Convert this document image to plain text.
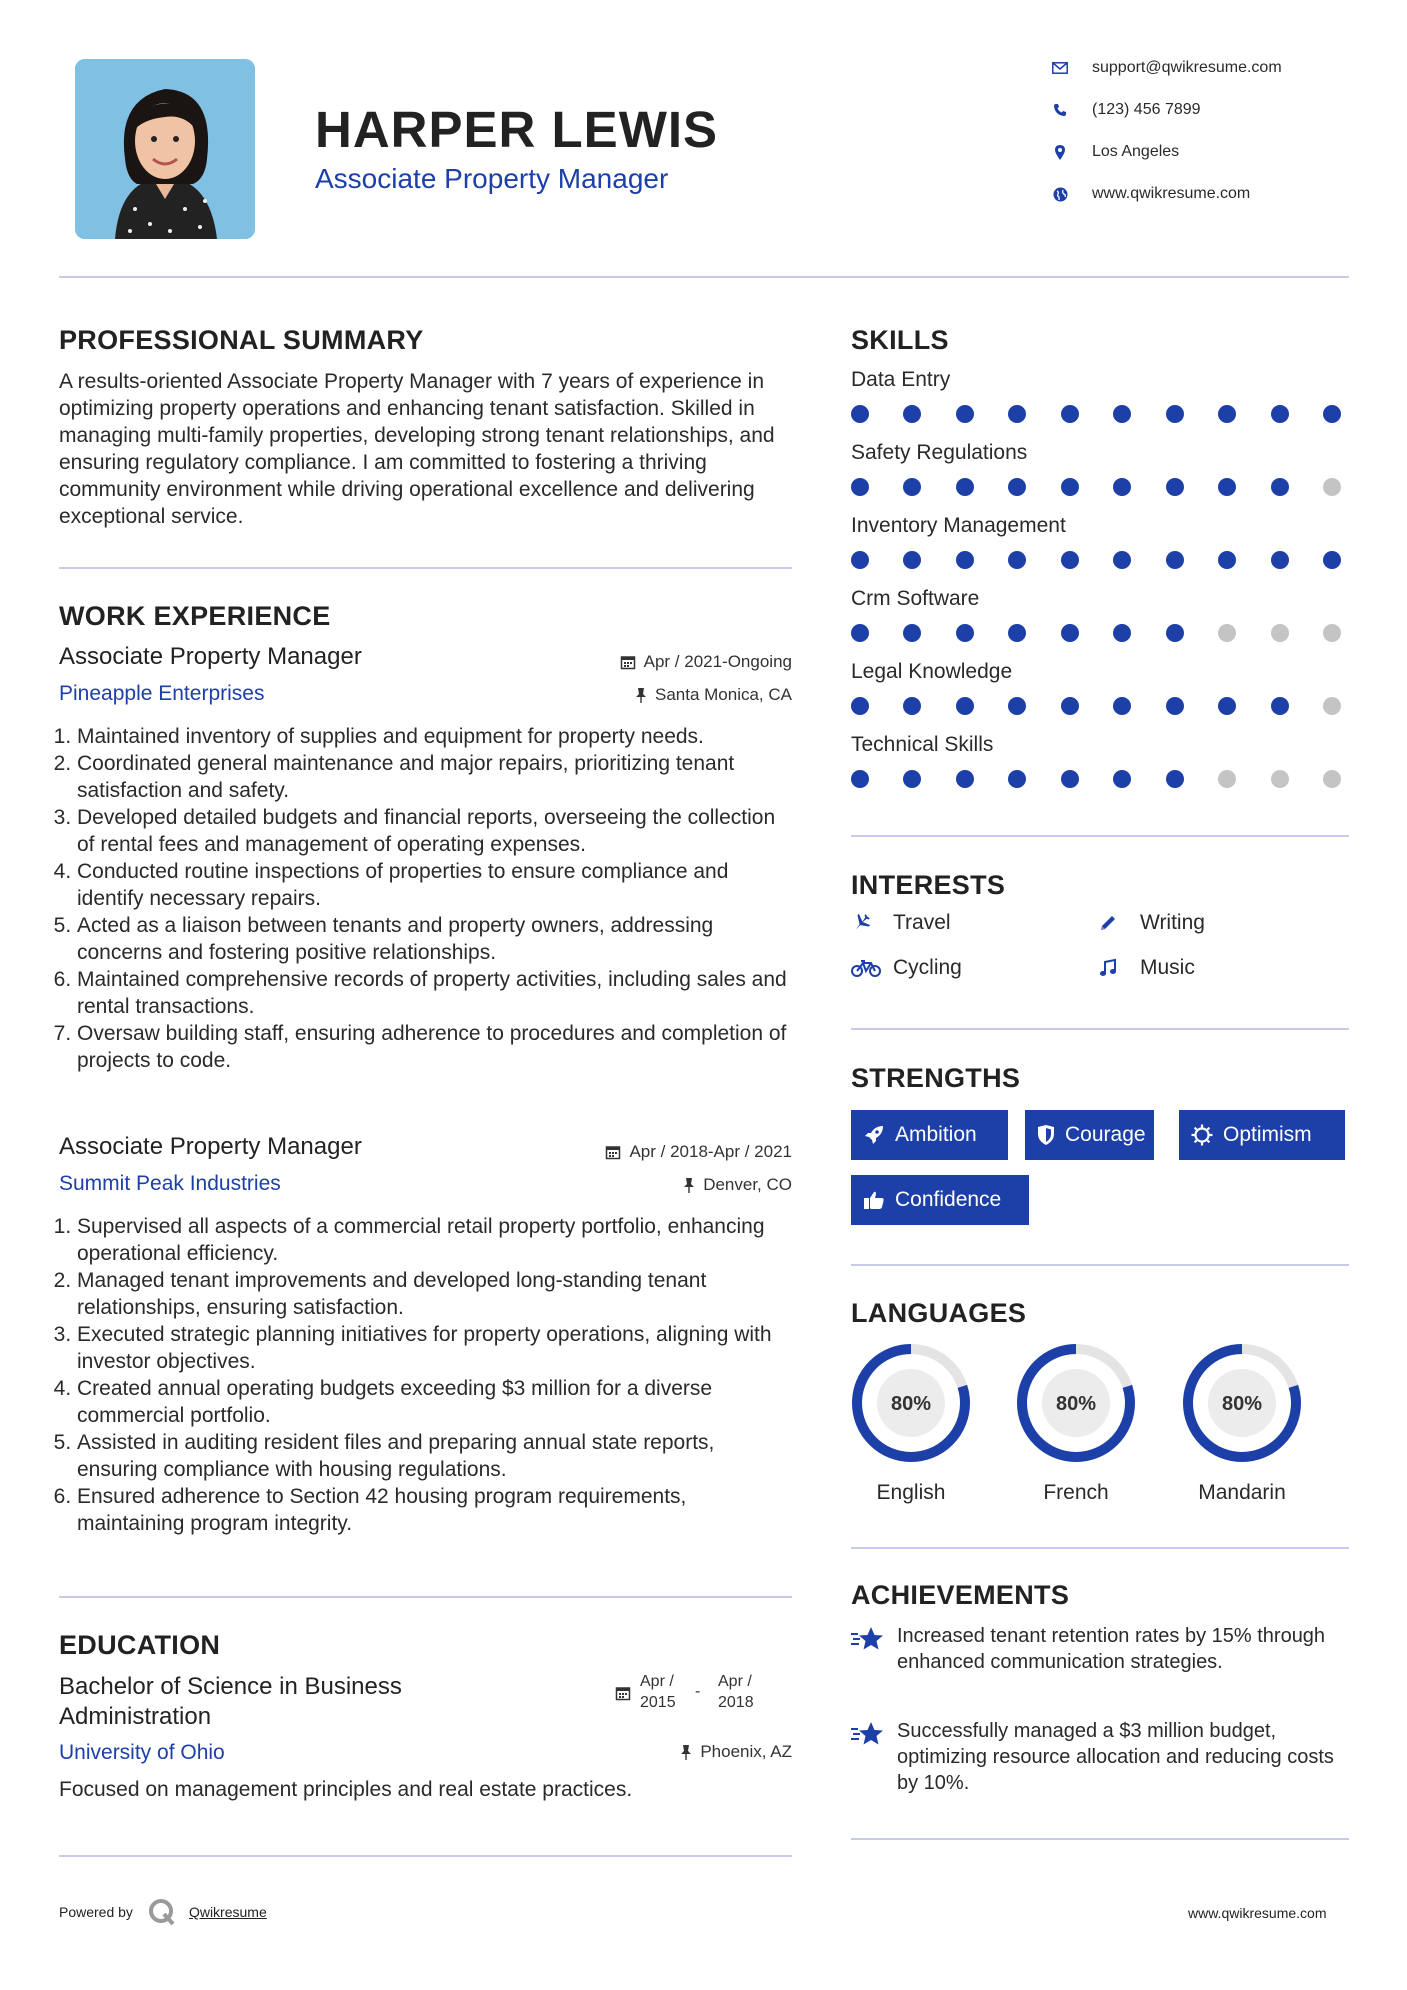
HARPER LEWIS
Associate Property Manager
support@qwikresume.com
(123) 456 7899
Los Angeles
www.qwikresume.com
PROFESSIONAL SUMMARY
A results-oriented Associate Property Manager with 7 years of experience in optimizing property operations and enhancing tenant satisfaction. Skilled in managing multi-family properties, developing strong tenant relationships, and ensuring regulatory compliance. I am committed to fostering a thriving community environment while driving operational excellence and delivering exceptional service.
WORK EXPERIENCE
Associate Property Manager
Pineapple Enterprises
Apr / 2021-Ongoing
Santa Monica, CA
1. Maintained inventory of supplies and equipment for property needs.
2. Coordinated general maintenance and major repairs, prioritizing tenant satisfaction and safety.
3. Developed detailed budgets and financial reports, overseeing the collection of rental fees and management of operating expenses.
4. Conducted routine inspections of properties to ensure compliance and identify necessary repairs.
5. Acted as a liaison between tenants and property owners, addressing concerns and fostering positive relationships.
6. Maintained comprehensive records of property activities, including sales and rental transactions.
7. Oversaw building staff, ensuring adherence to procedures and completion of projects to code.
Associate Property Manager
Summit Peak Industries
Apr / 2018-Apr / 2021
Denver, CO
1. Supervised all aspects of a commercial retail property portfolio, enhancing operational efficiency.
2. Managed tenant improvements and developed long-standing tenant relationships, ensuring satisfaction.
3. Executed strategic planning initiatives for property operations, aligning with investor objectives.
4. Created annual operating budgets exceeding $3 million for a diverse commercial portfolio.
5. Assisted in auditing resident files and preparing annual state reports, ensuring compliance with housing regulations.
6. Ensured adherence to Section 42 housing program requirements, maintaining program integrity.
EDUCATION
Bachelor of Science in Business
Administration
University of Ohio
Apr /
2015
-
Apr /
2018
Phoenix, AZ
Focused on management principles and real estate practices.
SKILLS
Data Entry
Safety Regulations
Inventory Management
Crm Software
Legal Knowledge
Technical Skills
INTERESTS
Travel	Writing
Cycling	Music
STRENGTHS
Ambition	Courage	Optimism
Confidence
LANGUAGES
80%
English
80%
French
80%
Mandarin
ACHIEVEMENTS
Increased tenant retention rates by 15% through enhanced communication strategies.
Successfully managed a $3 million budget, optimizing resource allocation and reducing costs by 10%.
Powered by	Qwikresume	www.qwikresume.com
